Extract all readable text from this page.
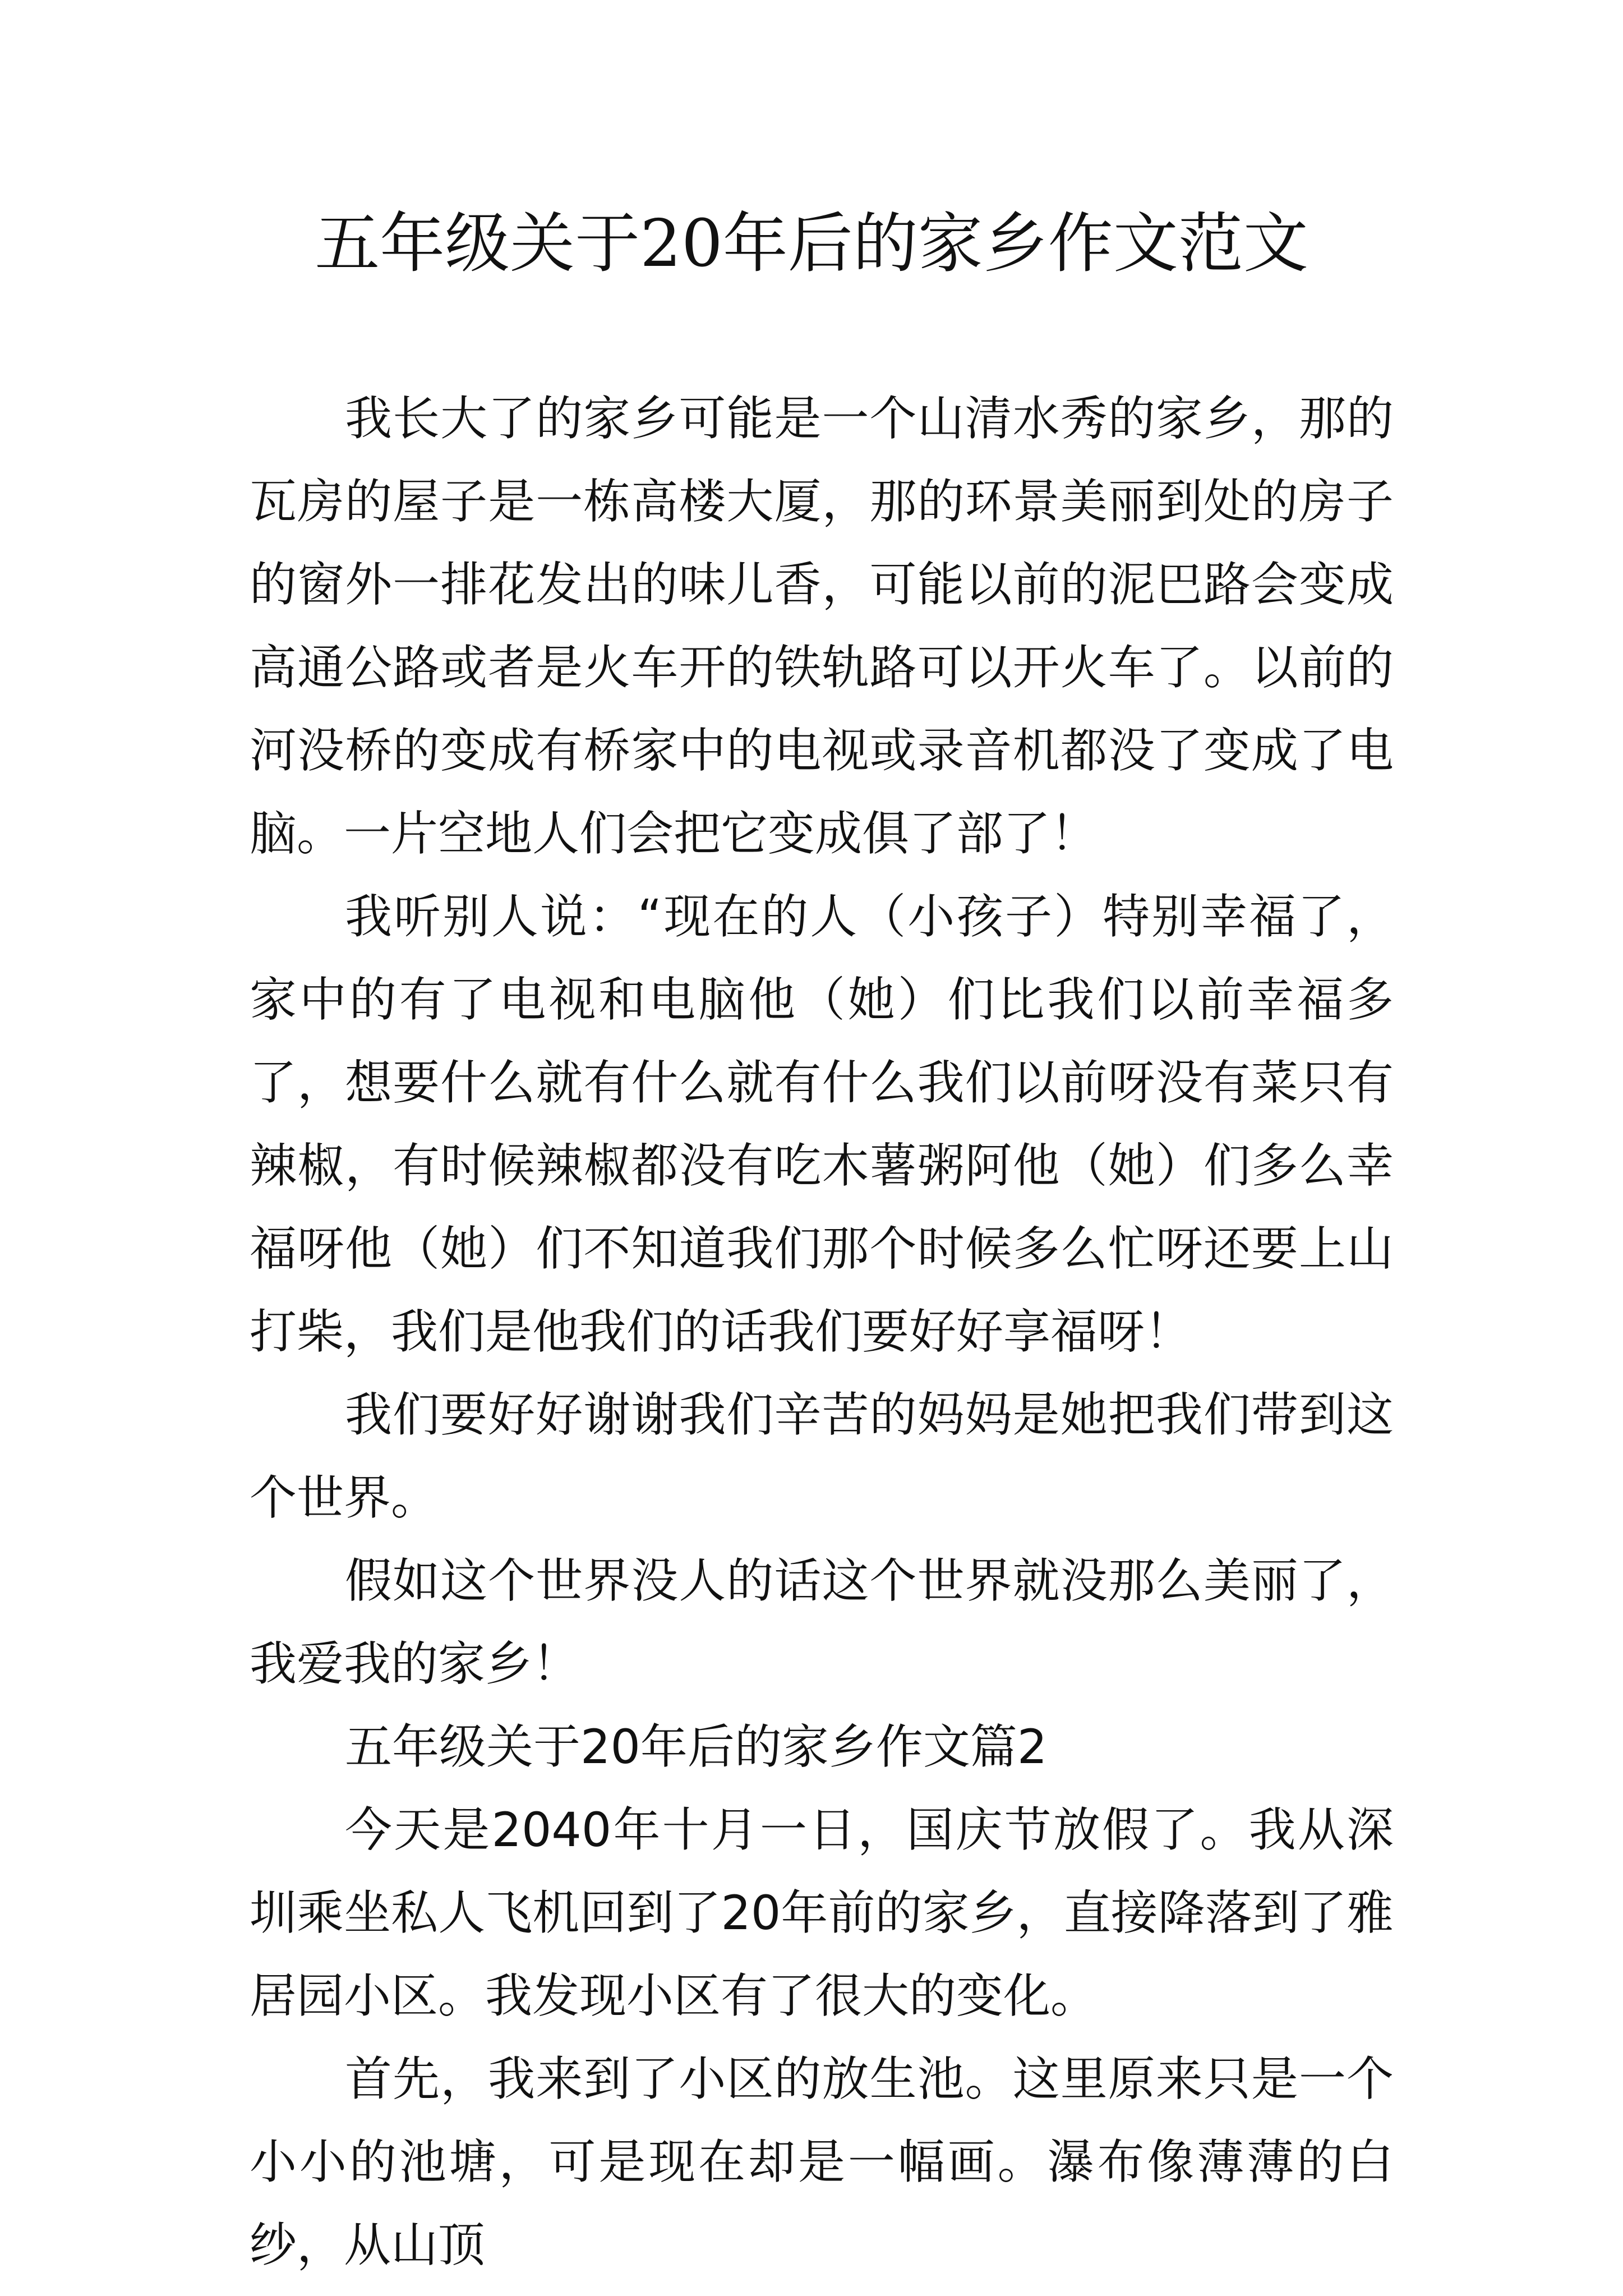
五年级关于20年后的家乡作文范文

我长大了的家乡可能是一个山清水秀的家乡，那的瓦房的屋子是一栋高楼大厦，那的环景美丽到处的房子的窗外一排花发出的味儿香，可能以前的泥巴路会变成高通公路或者是火车开的铁轨路可以开火车了。以前的河没桥的变成有桥家中的电视或录音机都没了变成了电脑。一片空地人们会把它变成俱了部了！

我听别人说：“现在的人（小孩子）特别幸福了，家中的有了电视和电脑他（她）们比我们以前幸福多了，想要什么就有什么就有什么我们以前呀没有菜只有辣椒，有时候辣椒都没有吃木薯粥阿他（她）们多么幸福呀他（她）们不知道我们那个时候多么忙呀还要上山打柴，我们是他我们的话我们要好好享福呀！

我们要好好谢谢我们辛苦的妈妈是她把我们带到这个世界。

假如这个世界没人的话这个世界就没那么美丽了，我爱我的家乡！

五年级关于20年后的家乡作文篇2

今天是2040年十月一日，国庆节放假了。我从深圳乘坐私人飞机回到了20年前的家乡，直接降落到了雅居园小区。我发现小区有了很大的变化。

首先，我来到了小区的放生池。这里原来只是一个小小的池塘，可是现在却是一幅画。瀑布像薄薄的白纱，从山顶
